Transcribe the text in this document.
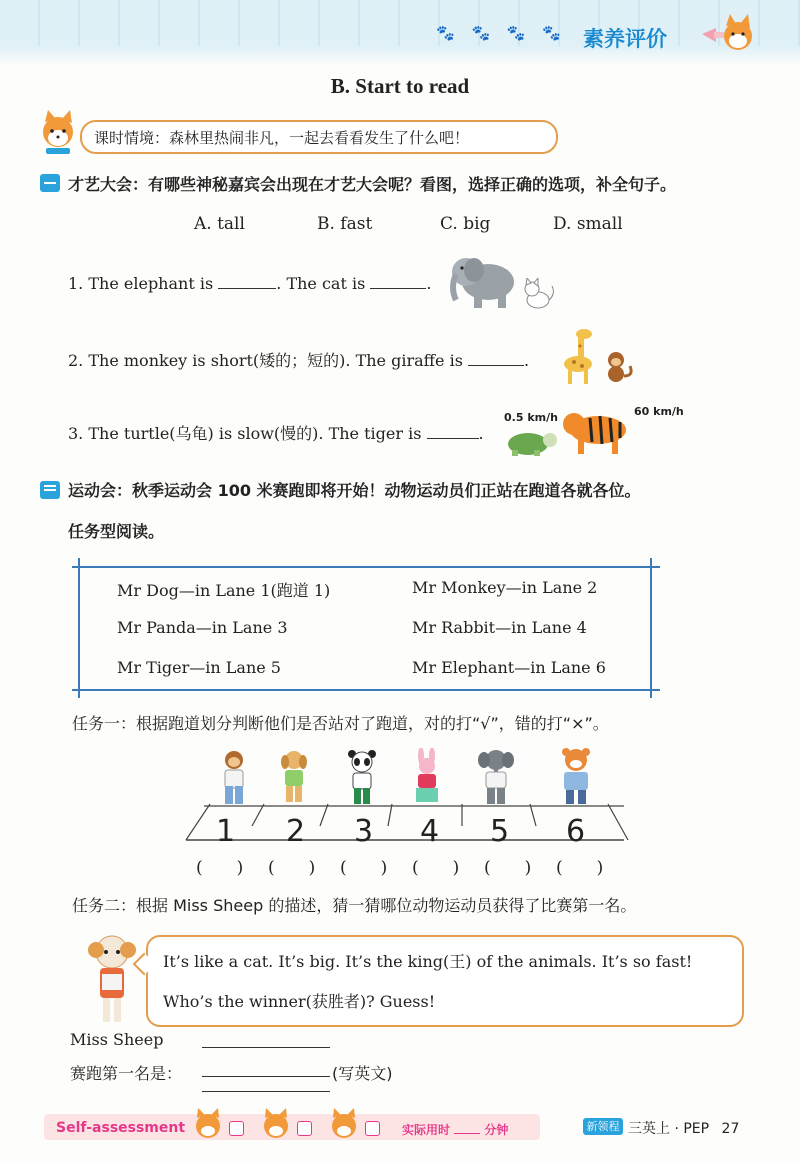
🐾 🐾 🐾 🐾 素养评价
B. Start to read
课时情境：森林里热闹非凡，一起去看看发生了什么吧！
才艺大会：有哪些神秘嘉宾会出现在才艺大会呢？看图，选择正确的选项，补全句子。
A. tall	B. fast	C. big	D. small
1. The elephant is	. The cat is	.
2. The monkey is short(矮的；短的). The giraffe is	.
3. The turtle(乌龟) is slow(慢的). The tiger is	.
0.5 km/h	60 km/h
运动会：秋季运动会 100 米赛跑即将开始！动物运动员们正站在跑道各就各位。
任务型阅读。
Mr Dog—in Lane 1(跑道 1)	Mr Monkey—in Lane 2
Mr Panda—in Lane 3	Mr Rabbit—in Lane 4
Mr Tiger—in Lane 5	Mr Elephant—in Lane 6
任务一：根据跑道划分判断他们是否站对了跑道，对的打“√”，错的打“×”。
1 2 3 4 5 6
(　　) (　　) (　　) (　　) (　　) (　　)
任务二：根据 Miss Sheep 的描述，猜一猜哪位动物运动员获得了比赛第一名。
It’s like a cat. It’s big. It’s the king(王) of the animals. It’s so fast!
Who’s the winner(获胜者)? Guess!
Miss Sheep
赛跑第一名是：	(写英文)
Self-assessment	实际用时	分钟	新领程 三英上 · PEP 27
